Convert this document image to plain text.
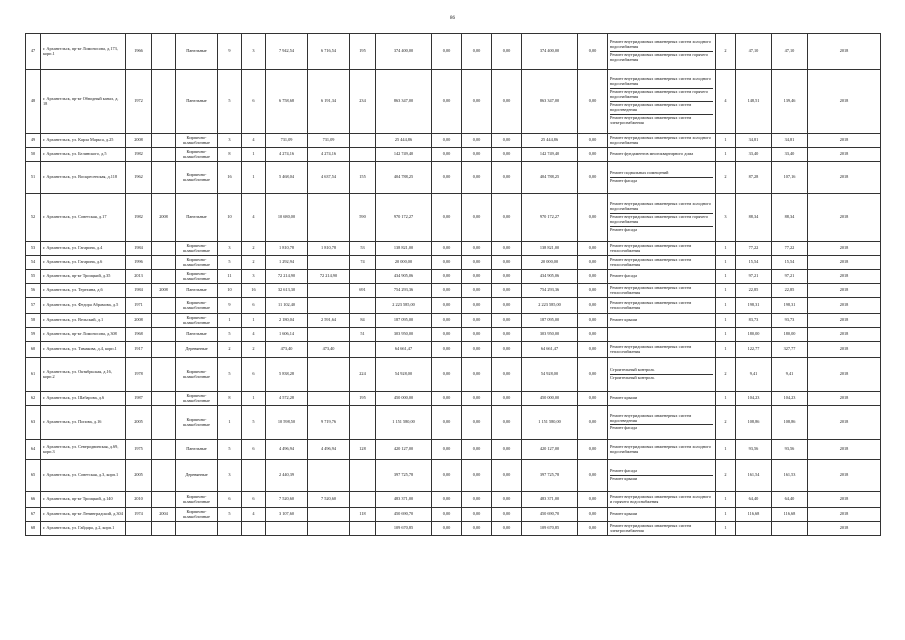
86
47	г. Архангельск, пр-кт Ломоносова, д.173, корп.1	1966		Панельные	9	3	7 942,54	6 716,54	195	374 400,00	0,00	0,00	0,00	374 400,00	0,00	Ремонт внутридомовых инженерных систем холодного водоснабжения
Ремонт внутридомовых инженерных систем горячего водоснабжения	2	47,10	47,10	2018
48	г. Архангельск, пр-кт Обводный канал, д. 18	1972		Панельные	5	6	6 758,68	6 191,34	234	863 347,00	0,00	0,00	0,00	863 347,00	0,00	Ремонт внутридомовых инженерных систем холодного водоснабжения
Ремонт внутридомовых инженерных систем горячего водоснабжения
Ремонт внутридомовых инженерных систем водоотведения
Ремонт внутридомовых инженерных систем электроснабжения	4	148,51	139,46	2018
49	г. Архангельск, ул. Карла Маркса, д.25	2008		Кирпично-шлакоблочные	3	4	731,09	731,09		25 444,86	0,00	0,00	0,00	25 444,86	0,00	Ремонт внутридомовых инженерных систем холодного водоснабжения	1	34,81	34,81	2018
50	г. Архангельск, ул. Белинского, д.5	1982		Кирпично-шлакоблочные	8	1	4 274,16	4 274,16		142 749,40	0,00	0,00	0,00	142 749,40	0,00	Ремонт фундаментов многоквартирного дома	1	33,40	33,40	2018
51	г. Архангельск, ул. Воскресенская, д.118	1962		Кирпично-шлакоблочные	16	1	5 468,04	4 637,54	155	404 788,25	0,00	0,00	0,00	404 788,25	0,00	Ремонт подвальных помещений
Ремонт фасада	2	87,28	107,16	2018
52	г. Архангельск, ул. Советская, д.17	1982	2008	Панельные	10	4	10 680,00		590	970 172,27	0,00	0,00	0,00	970 172,27	0,00	Ремонт внутридомовых инженерных систем холодного водоснабжения
Ремонт внутридомовых инженерных систем горячего водоснабжения
Ремонт фасада	3	88,34	88,34	2018
53	г. Архангельск, ул. Гагарина, д.4	1984		Кирпично-шлакоблочные	3	2	1 810,78	1 810,78	53	138 821,00	0,00	0,00	0,00	138 821,00	0,00	Ремонт внутридомовых инженерных систем теплоснабжения	1	77,22	77,22	2018
54	г. Архангельск, ул. Гагарина, д.6	1996		Кирпично-шлакоблочные	5	2	1 292,94		74	20 000,00	0,00	0,00	0,00	20 000,00	0,00	Ремонт внутридомовых инженерных систем теплоснабжения	1	15,54	15,54	2018
55	г. Архангельск, пр-кт Троицкий, д.35	2013		Кирпично-шлакоблочные	11	3	72 214,90	72 214,90		434 905,06	0,00	0,00	0,00	434 905,06	0,00	Ремонт фасада	1	97,21	97,21	2018
56	г. Архангельск, ул. Терехина, д.6	1984	2008	Панельные	10	16	32 613,30		691	754 293,36	0,00	0,00	0,00	754 293,36	0,00	Ремонт внутридомовых инженерных систем теплоснабжения	1	22,85	22,85	2018
57	г. Архангельск, ул. Федора Абрамова, д.5	1971		Кирпично-шлакоблочные	9	6	11 102,40			2 223 585,00	0,00	0,00	0,00	2 223 585,00	0,00	Ремонт внутридомовых инженерных систем теплоснабжения	1	198,31	198,31	2018
58	г. Архангельск, ул. Вельский, д.1	2008		Кирпично-шлакоблочные	1	1	2 180,04	2 591,64	84	187 095,00	0,00	0,00	0,00	187 095,00	0,00	Ремонт крыши	1	83,73	93,73	2018
59	г. Архангельск, пр-кт Ломоносова, д.308	1968		Панельные	5	4	1 606,14		51	303 950,00	0,00	0,00	0,00	303 950,00	0,00		1	180,00	180,00	2018
60	г. Архангельск, ул. Тимакова, д.4, корп.1	1917		Деревянные	2	2	473,40	473,40		64 661,47	0,00	0,00	0,00	64 661,47	0,00	Ремонт внутридомовых инженерных систем теплоснабжения	1	122,77	327,77	2018
61	г. Архангельск, ул. Октябрьская, д.16, корп.2	1978		Кирпично-шлакоблочные	5	6	5 838,28		224	54 928,00	0,00	0,00	0,00	54 928,00	0,00	Строительный контроль
Строительный контроль	2	9,41	9,41	2018
62	г. Архангельск, ул. Шабарова, д.6	1987		Кирпично-шлакоблочные	8	1	4 572,28		195	450 000,00	0,00	0,00	0,00	450 000,00	0,00	Ремонт крыши	1	104,23	104,23	2018
63	г. Архангельск, ул. Попова, д.16	2005		Кирпично-шлакоблочные	1	5	10 598,50	9 719,76		1 151 580,00	0,00	0,00	0,00	1 151 580,00	0,00	Ремонт внутридомовых инженерных систем водоотведения
Ремонт фасада	2	108,86	108,86	2018
64	г. Архангельск, ул. Северодвинская, д.69, корп.3	1975		Панельные	5	6	4 496,94	4 496,94	128	420 127,00	0,00	0,00	0,00	420 127,00	0,00	Ремонт внутридомовых инженерных систем холодного водоснабжения	1	93,56	93,56	2018
65	г. Архангельск, ул. Советская, д.3, корп.1	2005		Деревянные	3		2 440,39			397 725,78	0,00	0,00	0,00	397 725,78	0,00	Ремонт фасада
Ремонт крыши	2	161,54	161,53	2018
66	г. Архангельск, пр-кт Троицкий, д.140	2010		Кирпично-шлакоблочные	6	6	7 520,60	7 520,60		483 371,00	0,00	0,00	0,00	483 371,00	0,00	Ремонт внутридомовых инженерных систем холодного и горячего водоснабжения	1	64,40	64,40	2018
67	г. Архангельск, пр-кт Ленинградский, д.304	1974	2004	Кирпично-шлакоблочные	5	4	3 107,60		118	450 690,70	0,00	0,00	0,00	450 690,70	0,00	Ремонт крыши	1	116,68	116,68	2018
68	г. Архангельск, ул. Гайдара, д.2, корп.1									109 670,85	0,00	0,00	0,00	109 670,85	0,00	Ремонт внутридомовых инженерных систем электроснабжения	1			2018
